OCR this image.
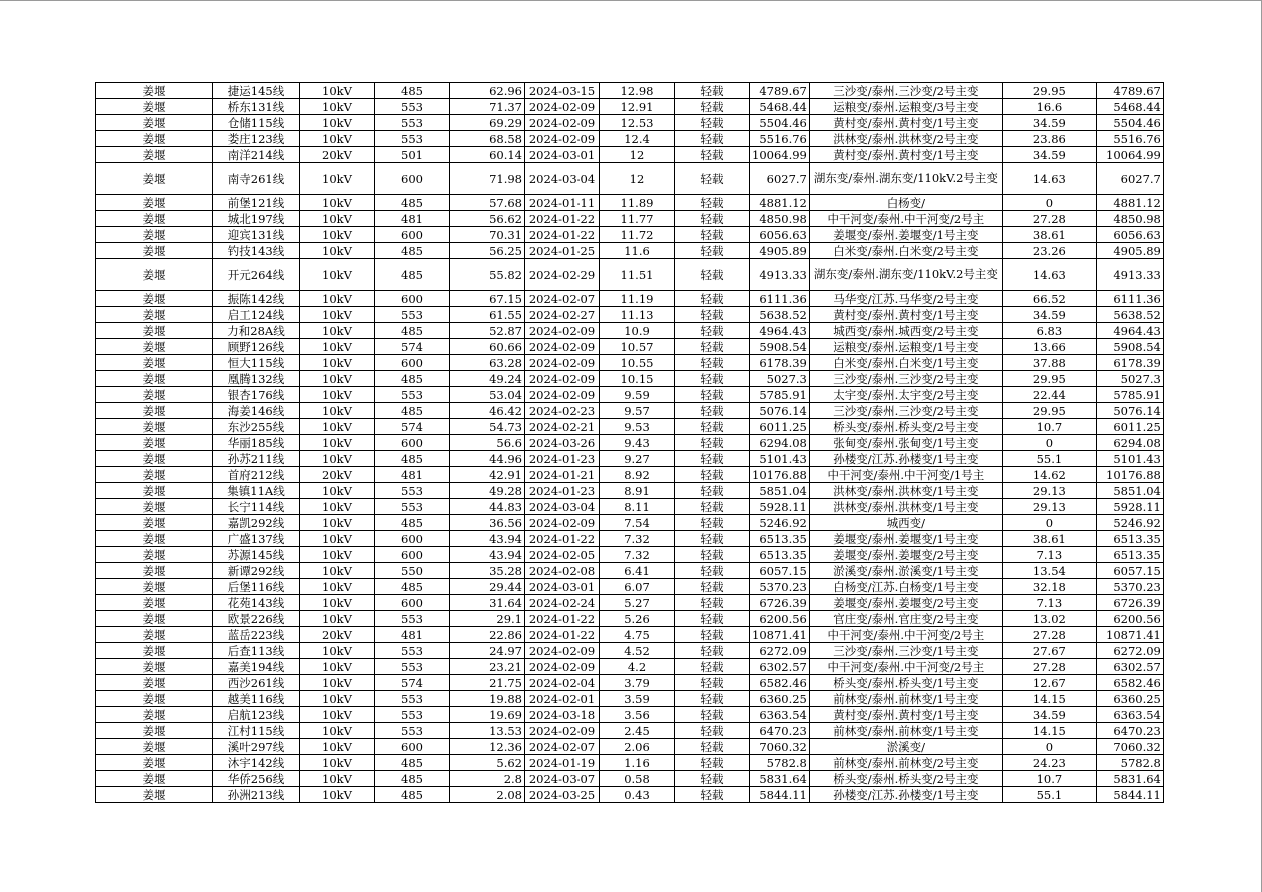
姜堰	捷运145线	10kV	485	62.96	2024-03-15	12.98	轻载	4789.67	三沙变/泰州.三沙变/2号主变	29.95	4789.67
姜堰	桥东131线	10kV	553	71.37	2024-02-09	12.91	轻载	5468.44	运粮变/泰州.运粮变/3号主变	16.6	5468.44
姜堰	仓储115线	10kV	553	69.29	2024-02-09	12.53	轻载	5504.46	黄村变/泰州.黄村变/1号主变	34.59	5504.46
姜堰	娄庄123线	10kV	553	68.58	2024-02-09	12.4	轻载	5516.76	洪林变/泰州.洪林变/2号主变	23.86	5516.76
姜堰	南洋214线	20kV	501	60.14	2024-03-01	12	轻载	10064.99	黄村变/泰州.黄村变/1号主变	34.59	10064.99
姜堰	南寺261线	10kV	600	71.98	2024-03-04	12	轻载	6027.7	湖东变/泰州.湖东变/110kV.2号主变	14.63	6027.7
姜堰	前堡121线	10kV	485	57.68	2024-01-11	11.89	轻载	4881.12	白杨变/	0	4881.12
姜堰	城北197线	10kV	481	56.62	2024-01-22	11.77	轻载	4850.98	中干河变/泰州.中干河变/2号主	27.28	4850.98
姜堰	迎宾131线	10kV	600	70.31	2024-01-22	11.72	轻载	6056.63	姜堰变/泰州.姜堰变/1号主变	38.61	6056.63
姜堰	钓技143线	10kV	485	56.25	2024-01-25	11.6	轻载	4905.89	白米变/泰州.白米变/2号主变	23.26	4905.89
姜堰	开元264线	10kV	485	55.82	2024-02-29	11.51	轻载	4913.33	湖东变/泰州.湖东变/110kV.2号主变	14.63	4913.33
姜堰	振陈142线	10kV	600	67.15	2024-02-07	11.19	轻载	6111.36	马华变/江苏.马华变/2号主变	66.52	6111.36
姜堰	启工124线	10kV	553	61.55	2024-02-27	11.13	轻载	5638.52	黄村变/泰州.黄村变/1号主变	34.59	5638.52
姜堰	力和28A线	10kV	485	52.87	2024-02-09	10.9	轻载	4964.43	城西变/泰州.城西变/2号主变	6.83	4964.43
姜堰	顾野126线	10kV	574	60.66	2024-02-09	10.57	轻载	5908.54	运粮变/泰州.运粮变/1号主变	13.66	5908.54
姜堰	恒大115线	10kV	600	63.28	2024-02-09	10.55	轻载	6178.39	白米变/泰州.白米变/1号主变	37.88	6178.39
姜堰	凰腾132线	10kV	485	49.24	2024-02-09	10.15	轻载	5027.3	三沙变/泰州.三沙变/2号主变	29.95	5027.3
姜堰	银杏176线	10kV	553	53.04	2024-02-09	9.59	轻载	5785.91	太宇变/泰州.太宇变/2号主变	22.44	5785.91
姜堰	海姜146线	10kV	485	46.42	2024-02-23	9.57	轻载	5076.14	三沙变/泰州.三沙变/2号主变	29.95	5076.14
姜堰	东沙255线	10kV	574	54.73	2024-02-21	9.53	轻载	6011.25	桥头变/泰州.桥头变/2号主变	10.7	6011.25
姜堰	华丽185线	10kV	600	56.6	2024-03-26	9.43	轻载	6294.08	张甸变/泰州.张甸变/1号主变	0	6294.08
姜堰	孙苏211线	10kV	485	44.96	2024-01-23	9.27	轻载	5101.43	孙楼变/江苏.孙楼变/1号主变	55.1	5101.43
姜堰	首府212线	20kV	481	42.91	2024-01-21	8.92	轻载	10176.88	中干河变/泰州.中干河变/1号主	14.62	10176.88
姜堰	集镇11A线	10kV	553	49.28	2024-01-23	8.91	轻载	5851.04	洪林变/泰州.洪林变/1号主变	29.13	5851.04
姜堰	长宁114线	10kV	553	44.83	2024-03-04	8.11	轻载	5928.11	洪林变/泰州.洪林变/1号主变	29.13	5928.11
姜堰	嘉凯292线	10kV	485	36.56	2024-02-09	7.54	轻载	5246.92	城西变/	0	5246.92
姜堰	广盛137线	10kV	600	43.94	2024-01-22	7.32	轻载	6513.35	姜堰变/泰州.姜堰变/1号主变	38.61	6513.35
姜堰	苏源145线	10kV	600	43.94	2024-02-05	7.32	轻载	6513.35	姜堰变/泰州.姜堰变/2号主变	7.13	6513.35
姜堰	新谭292线	10kV	550	35.28	2024-02-08	6.41	轻载	6057.15	淤溪变/泰州.淤溪变/1号主变	13.54	6057.15
姜堰	后堡116线	10kV	485	29.44	2024-03-01	6.07	轻载	5370.23	白杨变/江苏.白杨变/1号主变	32.18	5370.23
姜堰	花苑143线	10kV	600	31.64	2024-02-24	5.27	轻载	6726.39	姜堰变/泰州.姜堰变/2号主变	7.13	6726.39
姜堰	欧景226线	10kV	553	29.1	2024-01-22	5.26	轻载	6200.56	官庄变/泰州.官庄变/2号主变	13.02	6200.56
姜堰	蓝岳223线	20kV	481	22.86	2024-01-22	4.75	轻载	10871.41	中干河变/泰州.中干河变/2号主	27.28	10871.41
姜堰	后查113线	10kV	553	24.97	2024-02-09	4.52	轻载	6272.09	三沙变/泰州.三沙变/1号主变	27.67	6272.09
姜堰	嘉美194线	10kV	553	23.21	2024-02-09	4.2	轻载	6302.57	中干河变/泰州.中干河变/2号主	27.28	6302.57
姜堰	西沙261线	10kV	574	21.75	2024-02-04	3.79	轻载	6582.46	桥头变/泰州.桥头变/1号主变	12.67	6582.46
姜堰	越美116线	10kV	553	19.88	2024-02-01	3.59	轻载	6360.25	前林变/泰州.前林变/1号主变	14.15	6360.25
姜堰	启航123线	10kV	553	19.69	2024-03-18	3.56	轻载	6363.54	黄村变/泰州.黄村变/1号主变	34.59	6363.54
姜堰	江村115线	10kV	553	13.53	2024-02-09	2.45	轻载	6470.23	前林变/泰州.前林变/1号主变	14.15	6470.23
姜堰	溪叶297线	10kV	600	12.36	2024-02-07	2.06	轻载	7060.32	淤溪变/	0	7060.32
姜堰	沐宇142线	10kV	485	5.62	2024-01-19	1.16	轻载	5782.8	前林变/泰州.前林变/2号主变	24.23	5782.8
姜堰	华侨256线	10kV	485	2.8	2024-03-07	0.58	轻载	5831.64	桥头变/泰州.桥头变/2号主变	10.7	5831.64
姜堰	孙洲213线	10kV	485	2.08	2024-03-25	0.43	轻载	5844.11	孙楼变/江苏.孙楼变/1号主变	55.1	5844.11
